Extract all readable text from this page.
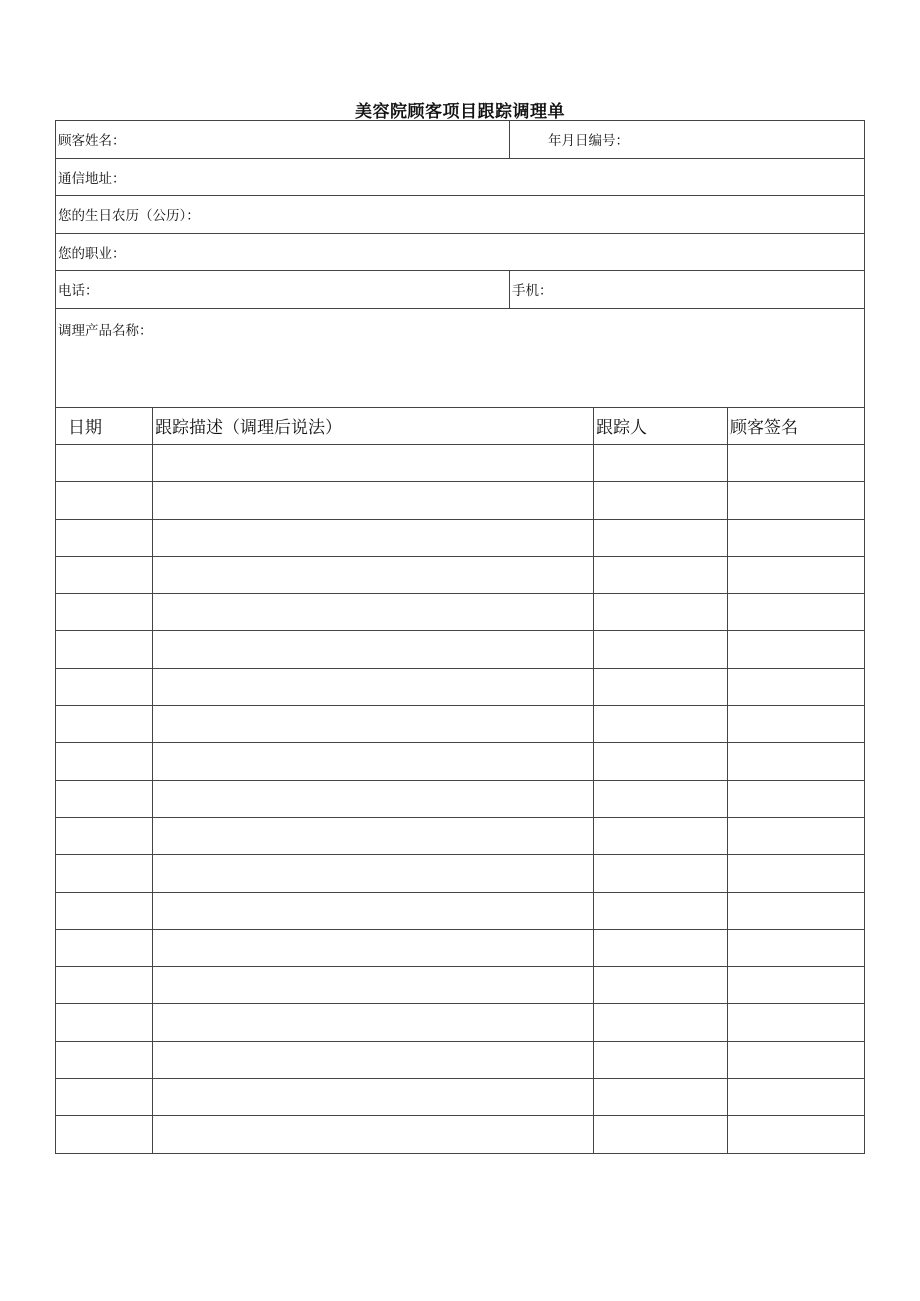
美容院顾客项目跟踪调理单
顾客姓名：		年月日编号：		
通信地址：				
您的生日农历（公历）：				
您的职业：				
电话：		手机：		
调理产品名称：				
日期	跟踪描述（调理后说法）		跟踪人	顾客签名
